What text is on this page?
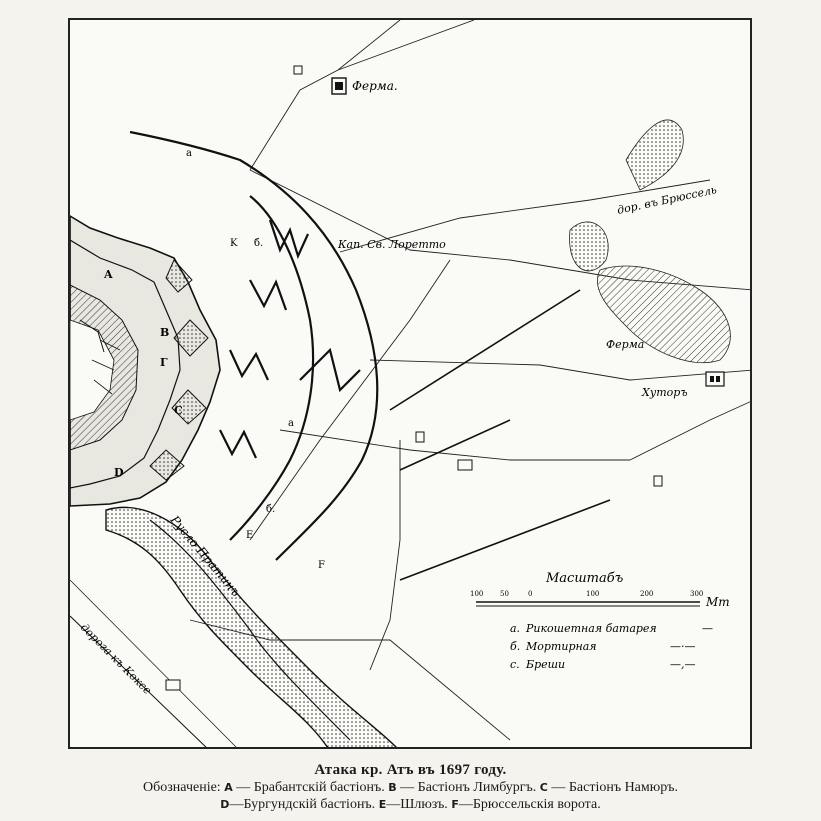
Ферма.
дор. въ Брюссель
Кап. Св. Лоретто
Ферма
Хуторъ
дорога къ Коксе
Русло Пратинъ
a
K б.
a
б.
E
F
A
B
Г
C
D
Масштабъ
100 50	0	100	200	300
Мт
a. Рикошетная батарея	—
б. Мортирная	—·—
с. Бреши	—,—
Атака кр. Атъ въ 1697 году.
Обозначеніе: A — Брабантскій бастіонъ. B — Бастіонъ Лимбургъ. C — Бастіонъ Намюръ.
D—Бургундскій бастіонъ. E—Шлюзъ. F—Брюссельскія ворота.
